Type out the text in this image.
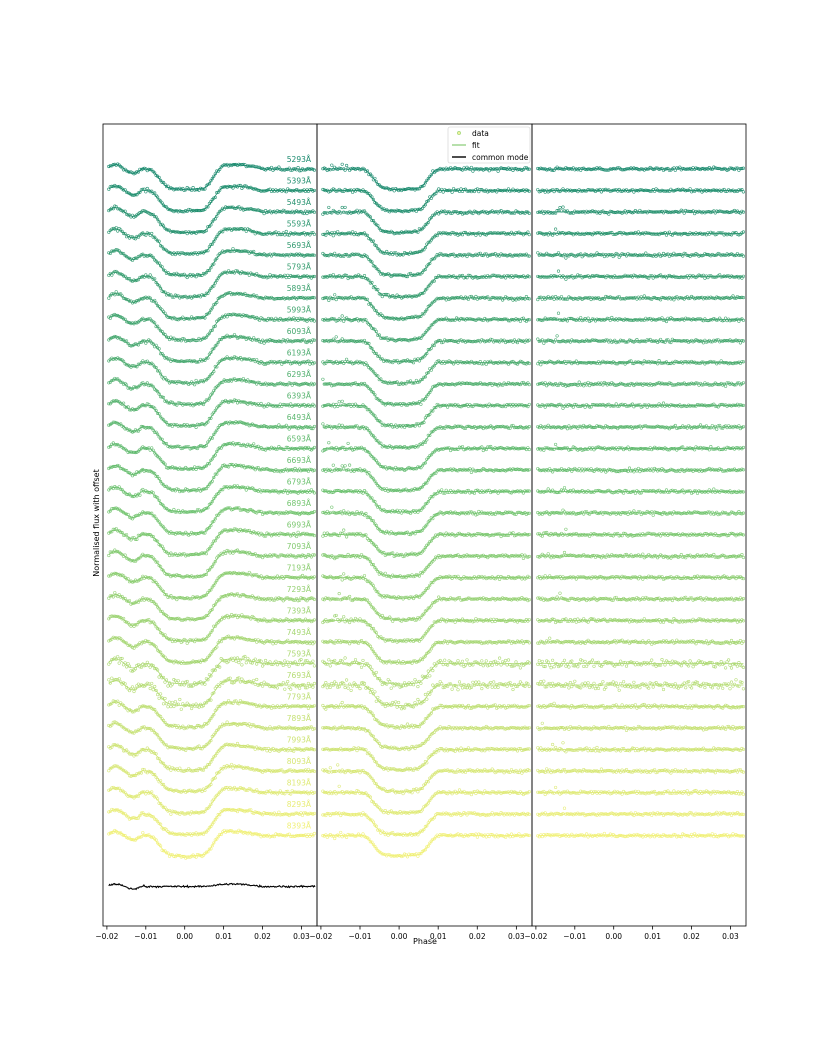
Normalised flux with offset
Phase
−0.02 −0.01	0.00	0.01	0.02	0.03
5293Å
5393Å
5493Å
5593Å
5693Å
5793Å
5893Å
5993Å
6093Å
6193Å
6293Å
6393Å
6493Å
6593Å
6693Å
6793Å
6893Å
6993Å
7093Å
7193Å
7293Å
7393Å
7493Å
7593Å
7693Å
7793Å
7893Å
7993Å
8093Å
8193Å
8293Å
8393Å
−0.02 −0.01	0.00	0.01	0.02	0.03 −0.02 −0.01	0.00	0.01	0.02	0.03
data
fit
common mode
